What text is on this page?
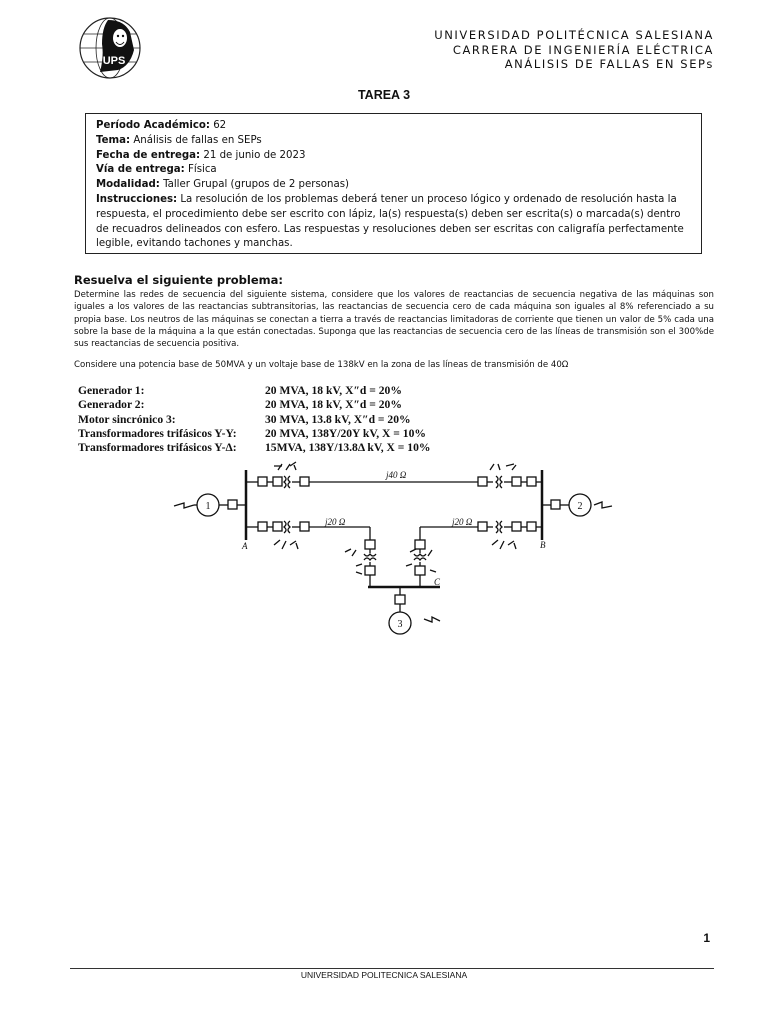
UPS
UNIVERSIDAD POLITÉCNICA SALESIANA
CARRERA DE INGENIERÍA ELÉCTRICA
ANÁLISIS DE FALLAS EN SEPs
TAREA 3

Período Académico: 62

Tema: Análisis de fallas en SEPs

Fecha de entrega: 21 de junio de 2023

Vía de entrega: Física

Modalidad: Taller Grupal (grupos de 2 personas)

Instrucciones: La resolución de los problemas deberá tener un proceso lógico y ordenado de resolución hasta la respuesta, el procedimiento debe ser escrito con lápiz, la(s) respuesta(s) deben ser escrita(s) o marcada(s) dentro de recuadros delineados con esfero. Las respuestas y resoluciones deben ser escritas con caligrafía perfectamente legible, evitando tachones y manchas.

Resuelva el siguiente problema:
Determine las redes de secuencia del siguiente sistema, considere que los valores de reactancias de secuencia negativa de las máquinas son iguales a los valores de las reactancias subtransitorias, las reactancias de secuencia cero de cada máquina son iguales al 8% referenciado a su propia base. Los neutros de las máquinas se conectan a tierra a través de reactancias limitadoras de corriente que tienen un valor de 5% cada una sobre la base de la máquina a la que están conectadas. Suponga que las reactancias de secuencia cero de las líneas de transmisión son el 300%de sus reactancias de secuencia positiva.
Considere una potencia base de 50MVA y un voltaje base de 138kV en la zona de las líneas de transmisión de 40Ω
Generador 1:	20 MVA, 18 kV, X″d = 20%
Generador 2:	20 MVA, 18 kV, X″d = 20%
Motor sincrónico 3:	30 MVA, 13.8 kV, X″d = 20%
Transformadores trifásicos Y-Y:	20 MVA, 138Y/20Y kV, X = 10%
Transformadores trifásicos Y-Δ:	15MVA, 138Y/13.8Δ kV, X = 10%
j40 Ω
j20 Ω	j20 Ω
A	B
C
1	2
3
1
UNIVERSIDAD POLITECNICA SALESIANA
